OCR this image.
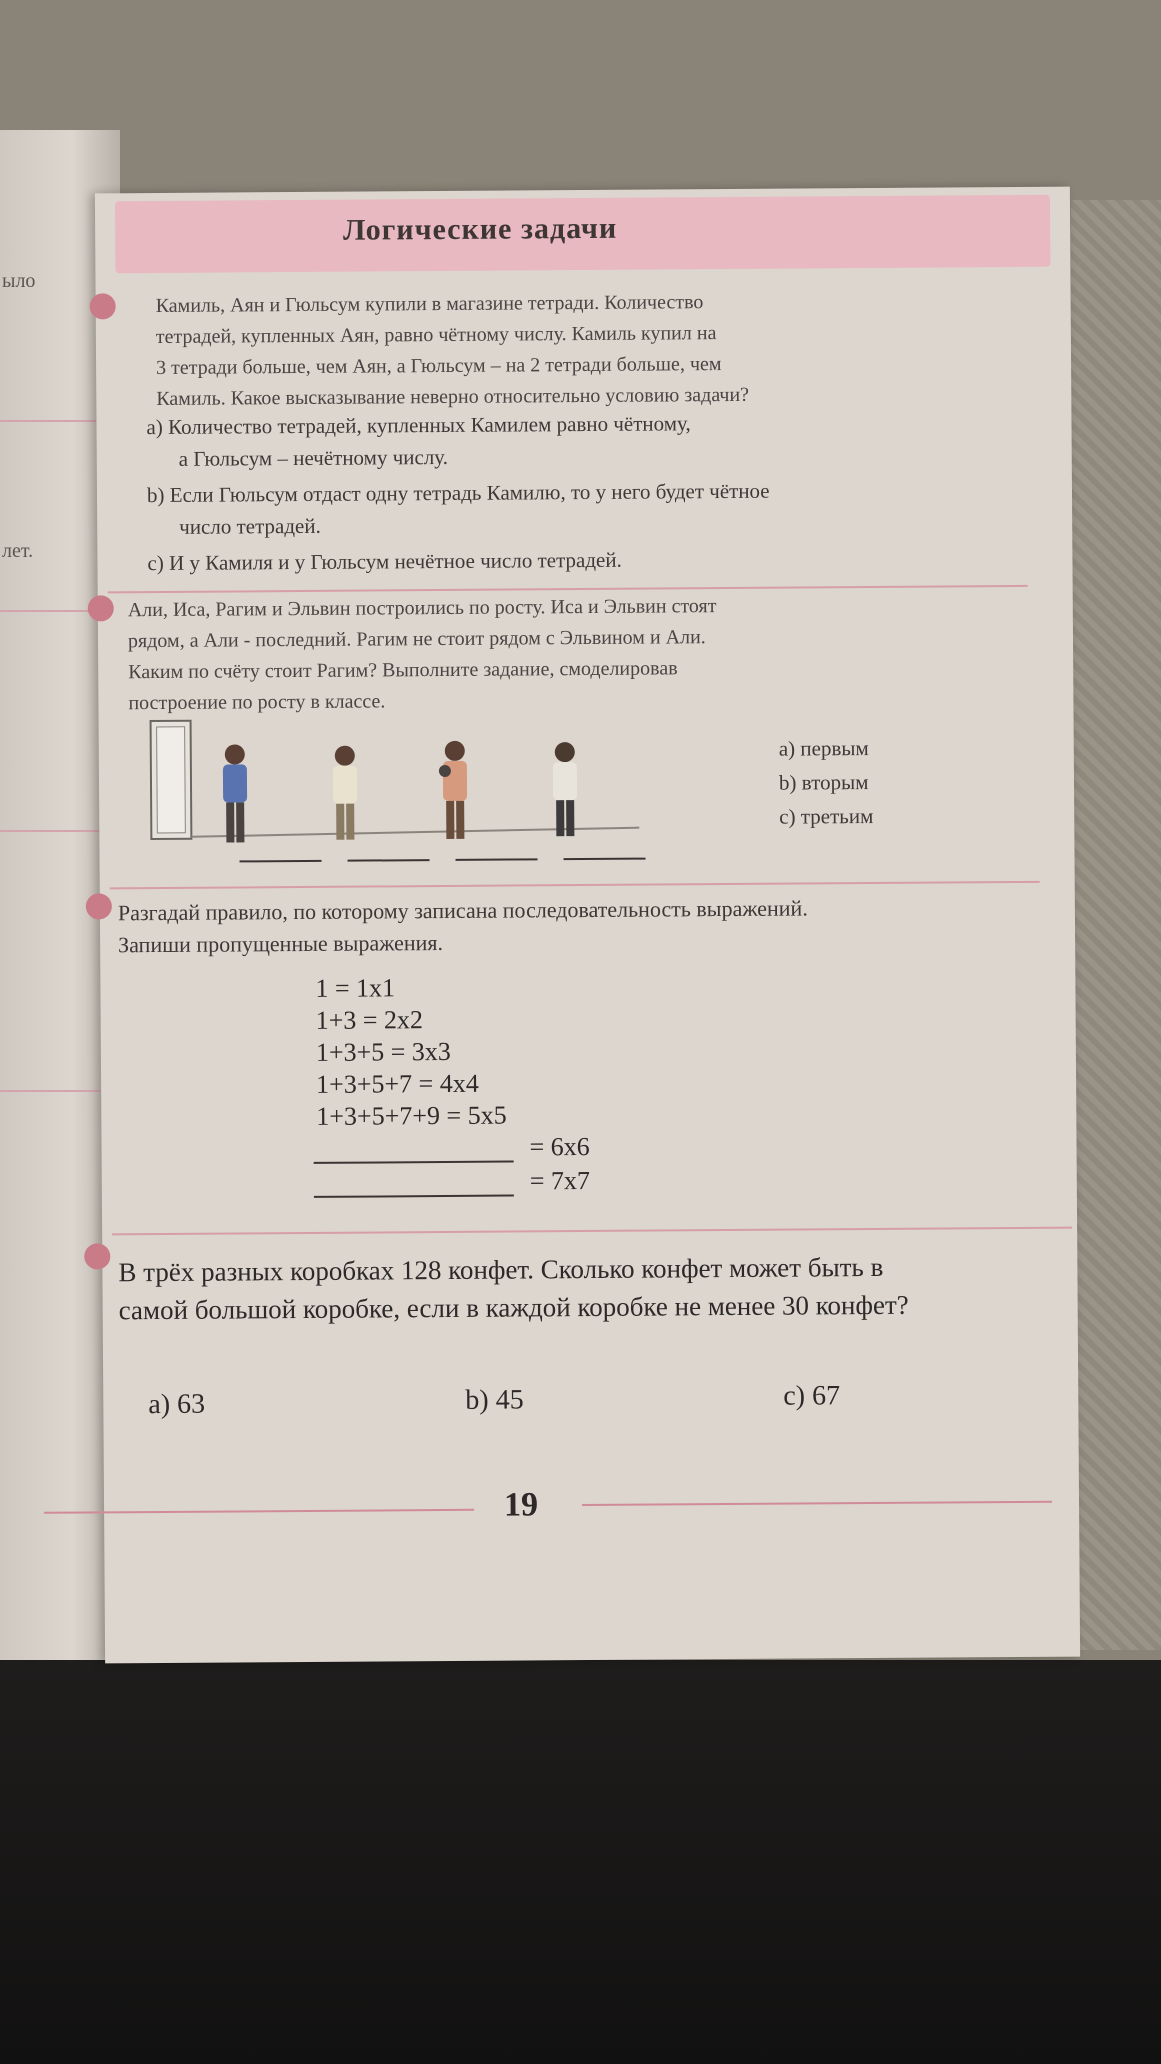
ыло
лет.
Логические задачи
Камиль, Аян и Гюльсум купили в магазине тетради. Количество
тетрадей, купленных Аян, равно чётному числу. Камиль купил на
3 тетради больше, чем Аян, а Гюльсум – на 2 тетради больше, чем
Камиль. Какое высказывание неверно относительно условию задачи?
a) Количество тетрадей, купленных Камилем равно чётному,
а Гюльсум – нечётному числу.
b) Если Гюльсум отдаст одну тетрадь Камилю, то у него будет чётное
число тетрадей.
c) И у Камиля и у Гюльсум нечётное число тетрадей.
Али, Иса, Рагим и Эльвин построились по росту. Иса и Эльвин стоят
рядом, а Али - последний. Рагим не стоит рядом с Эльвином и Али.
Каким по счёту стоит Рагим? Выполните задание, смоделировав
построение по росту в классе.
a) первым
b) вторым
c) третьим
Разгадай правило, по которому записана последовательность выражений.
Запиши пропущенные выражения.
1 = 1x1
1+3 = 2x2
1+3+5 = 3x3
1+3+5+7 = 4x4
1+3+5+7+9 = 5x5
= 6x6
= 7x7
В трёх разных коробках 128 конфет. Сколько конфет может быть в
самой большой коробке, если в каждой коробке не менее 30 конфет?
a) 63	b) 45	c) 67
19
